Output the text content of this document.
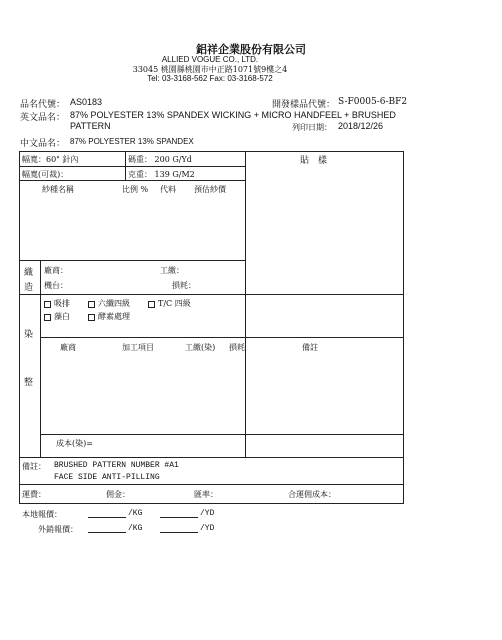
鋁祥企業股份有限公司
ALLIED VOGUE CO., LTD.
33045 桃園縣桃園市中正路1071號9樓之4
Tel: 03-3168-562 Fax: 03-3168-572
品名代號： AS0183	開發樣品代號： S-F0005-6-BF2
英文品名： 87% POLYESTER 13% SPANDEX WICKING + MICRO HANDFEEL + BRUSHED
PATTERN	列印日期： 2018/12/26
中文品名： 87% POLYESTER 13% SPANDEX
幅寬：60" 針內	碼重： 200 G/Yd	貼　樣
幅寬(可裁)：	克重： 139 G/M2
紗種名稱	比例 % 代料 預估紗價
織
造
廠商：	工繳：
機台：	損耗：
染
整
吸排	六纖四級	T/C 四級
藻白	酵素處理
廠商	加工項目	工繳(染) 損耗	備註
成本(染)=
備註： BRUSHED PATTERN NUMBER #A1
FACE SIDE ANTI-PILLING
運費：	佣金：	匯率：	合運佣成本：
本地報價：	/KG	/YD
外銷報價：	/KG	/YD
